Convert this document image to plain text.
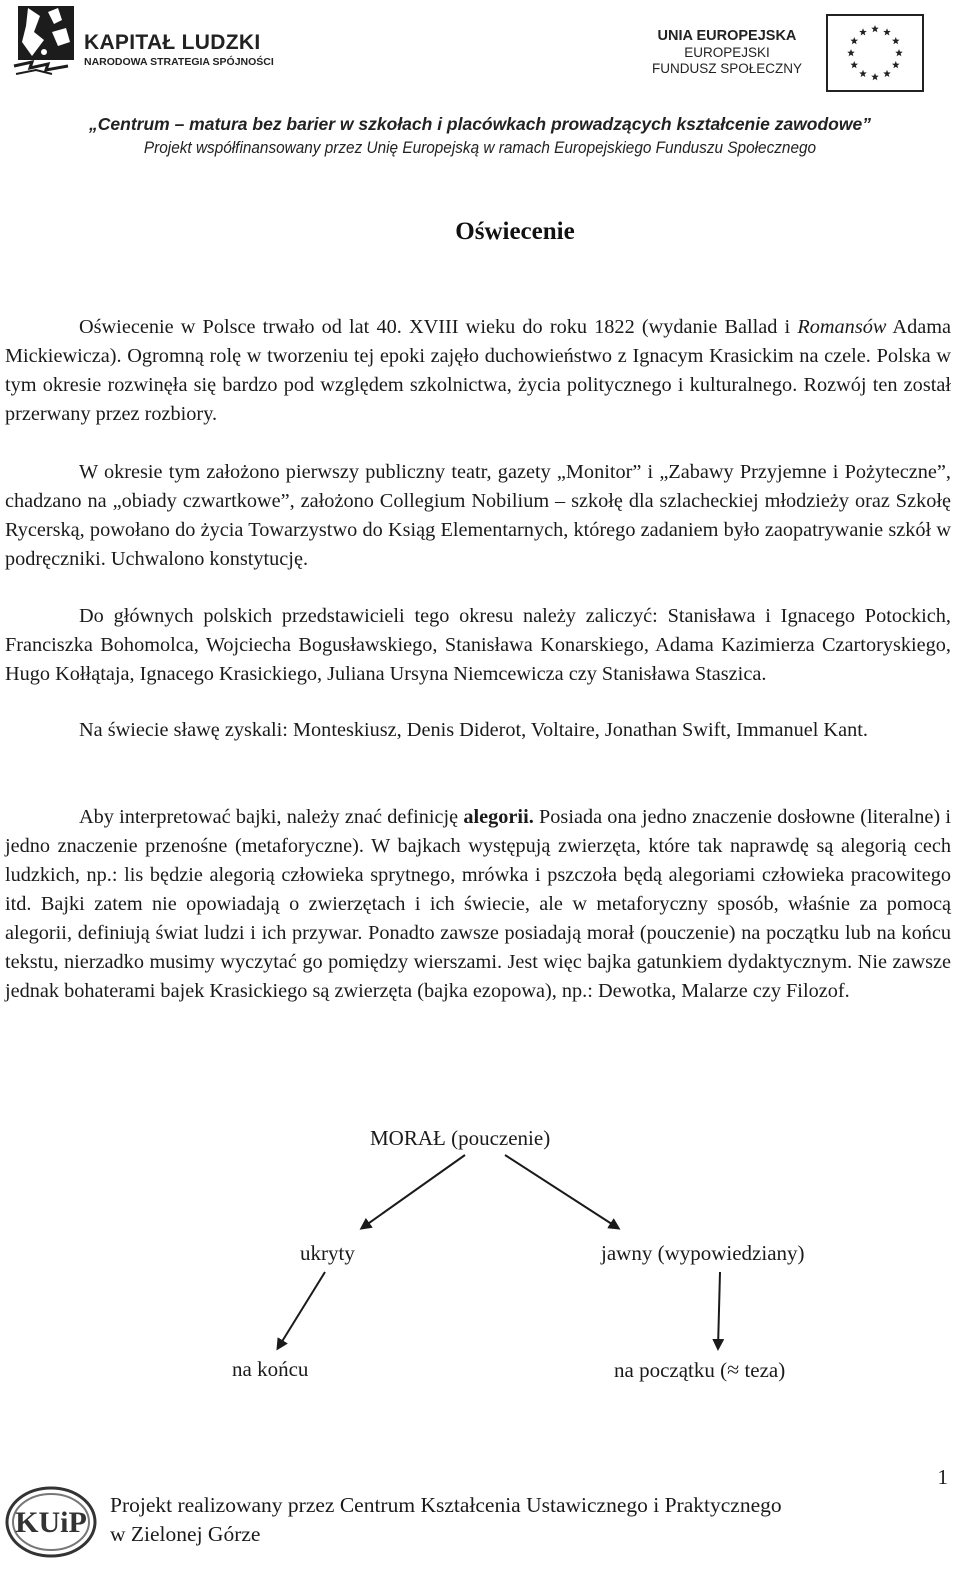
KAPITAŁ LUDZKI
NARODOWA STRATEGIA SPÓJNOŚCI
UNIA EUROPEJSKA
EUROPEJSKI
FUNDUSZ SPOŁECZNY
„Centrum – matura bez barier w szkołach i placówkach prowadzących kształcenie zawodowe”
Projekt współfinansowany przez Unię Europejską w ramach Europejskiego Funduszu Społecznego
Oświecenie
Oświecenie w Polsce trwało od lat 40. XVIII wieku do roku 1822 (wydanie Ballad i Romansów Adama Mickiewicza). Ogromną rolę w tworzeniu tej epoki zajęło duchowieństwo z Ignacym Krasickim na czele. Polska w tym okresie rozwinęła się bardzo pod względem szkolnictwa, życia politycznego i kulturalnego. Rozwój ten został przerwany przez rozbiory.
W okresie tym założono pierwszy publiczny teatr, gazety „Monitor” i „Zabawy Przyjemne i Pożyteczne”, chadzano na „obiady czwartkowe”, założono Collegium Nobilium – szkołę dla szlacheckiej młodzieży oraz Szkołę Rycerską, powołano do życia Towarzystwo do Ksiąg Elementarnych, którego zadaniem było zaopatrywanie szkół w podręczniki. Uchwalono konstytucję.
Do głównych polskich przedstawicieli tego okresu należy zaliczyć: Stanisława i Ignacego Potockich, Franciszka Bohomolca, Wojciecha Bogusławskiego, Stanisława Konarskiego, Adama Kazimierza Czartoryskiego, Hugo Kołłątaja, Ignacego Krasickiego, Juliana Ursyna Niemcewicza czy Stanisława Staszica.
Na świecie sławę zyskali: Monteskiusz, Denis Diderot, Voltaire, Jonathan Swift, Immanuel Kant.
Aby interpretować bajki, należy znać definicję alegorii. Posiada ona jedno znaczenie dosłowne (literalne) i jedno znaczenie przenośne (metaforyczne). W bajkach występują zwierzęta, które tak naprawdę są alegorią cech ludzkich, np.: lis będzie alegorią człowieka sprytnego, mrówka i pszczoła będą alegoriami człowieka pracowitego itd. Bajki zatem nie opowiadają o zwierzętach i ich świecie, ale w metaforyczny sposób, właśnie za pomocą alegorii, definiują świat ludzi i ich przywar. Ponadto zawsze posiadają morał (pouczenie) na początku lub na końcu tekstu, nierzadko musimy wyczytać go pomiędzy wierszami. Jest więc bajka gatunkiem dydaktycznym. Nie zawsze jednak bohaterami bajek Krasickiego są zwierzęta (bajka ezopowa), np.: Dewotka, Malarze czy Filozof.
MORAŁ (pouczenie)
ukryty	jawny (wypowiedziany)
na końcu	na początku (≈ teza)
1
KUiP
Projekt realizowany przez Centrum Kształcenia Ustawicznego i Praktycznego
w Zielonej Górze
